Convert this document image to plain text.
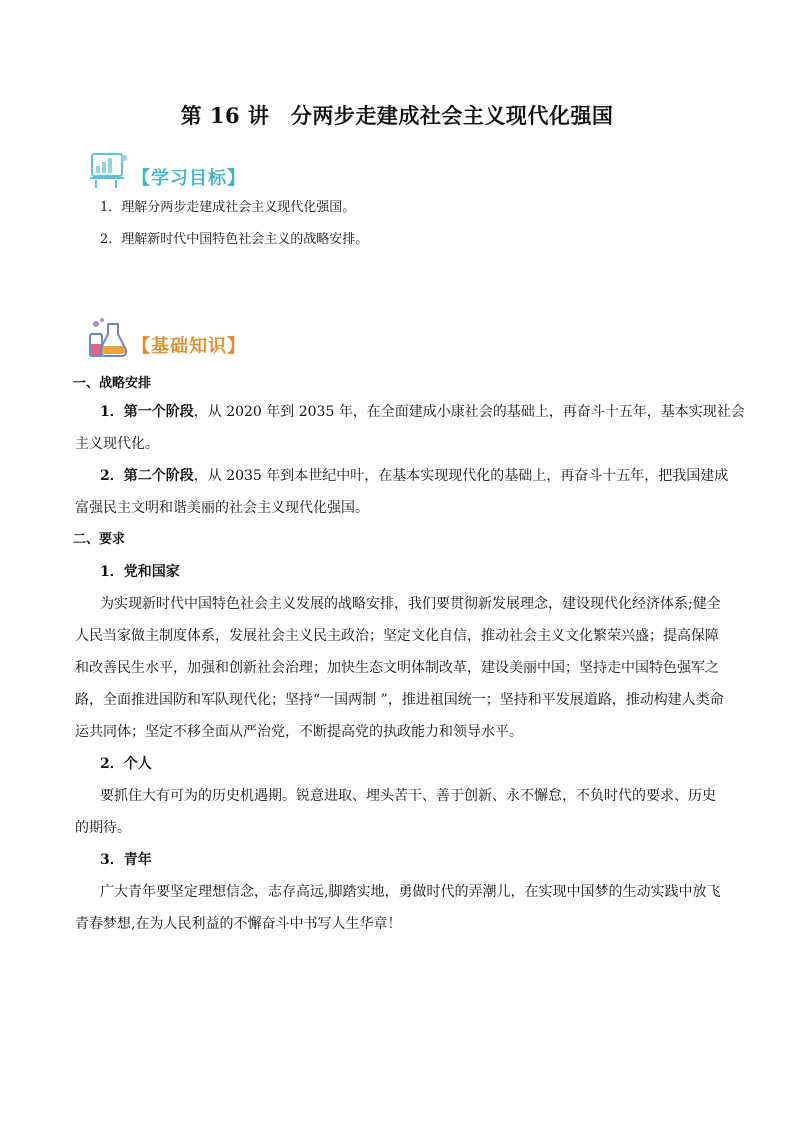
第 16 讲　分两步走建成社会主义现代化强国
【学习目标】
1．理解分两步走建成社会主义现代化强国。
2．理解新时代中国特色社会主义的战略安排。
【基础知识】
一、战略安排
1．第一个阶段，从 2020 年到 2035 年，在全面建成小康社会的基础上，再奋斗十五年，基本实现社会
主义现代化。
2．第二个阶段，从 2035 年到本世纪中叶，在基本实现现代化的基础上，再奋斗十五年，把我国建成
富强民主文明和谐美丽的社会主义现代化强国。
二、要求
1．党和国家
为实现新时代中国特色社会主义发展的战略安排，我们要贯彻新发展理念，建设现代化经济体系;健全
人民当家做主制度体系，发展社会主义民主政治；坚定文化自信，推动社会主义文化繁荣兴盛；提高保障
和改善民生水平，加强和创新社会治理；加快生态文明体制改革，建设美丽中国；坚持走中国特色强军之
路，全面推进国防和军队现代化；坚持“一国两制 ”，推进祖国统一；坚持和平发展道路，推动构建人类命
运共同体；坚定不移全面从严治党，不断提高党的执政能力和领导水平。
2．个人
要抓住大有可为的历史机遇期。锐意进取、埋头苦干、善于创新、永不懈怠，不负时代的要求、历史
的期待。
3．青年
广大青年要坚定理想信念，志存高远,脚踏实地，勇做时代的弄潮儿，在实现中国梦的生动实践中放飞
青春梦想,在为人民利益的不懈奋斗中书写人生华章！
